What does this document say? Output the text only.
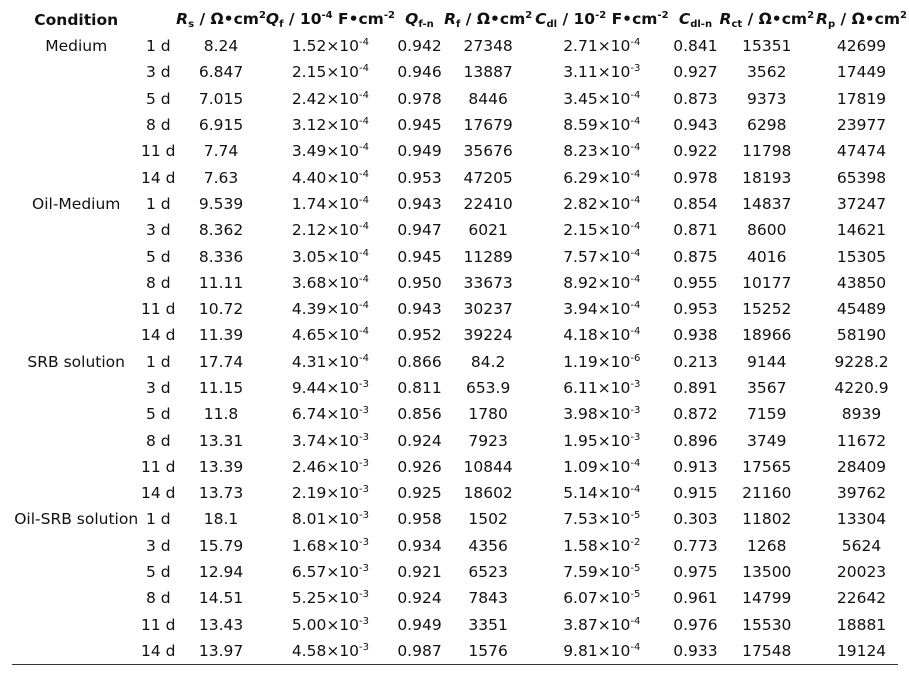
Condition		$R_s$ / $\Omega•cm^2$	$Q_f / 10^{-4}$ $F•cm^{-2}$	$Q_{f-n}$	$R_f$ / $\Omega•cm^2$	$C_{dl} / 10^{-2}$ $F•cm^{-2}$	$C_{dl-n}$	$R_{ct}$ / $\Omega•cm^2$	$R_p$ / $\Omega•cm^2$
Medium	1 d	8.24	$1.52\times 10^{-4}$	0.942	27348	$2.71\times 10^{-4}$	0.841	15351	42699
	3 d	6.847	$2.15\times 10^{-4}$	0.946	13887	$3.11\times 10^{-3}$	0.927	3562	17449
	5 d	7.015	$2.42\times 10^{-4}$	0.978	8446	$3.45\times 10^{-4}$	0.873	9373	17819
	8 d	6.915	$3.12\times 10^{-4}$	0.945	17679	$8.59\times 10^{-4}$	0.943	6298	23977
	11 d	7.74	$3.49\times 10^{-4}$	0.949	35676	$8.23\times 10^{-4}$	0.922	11798	47474
	14 d	7.63	$4.40\times 10^{-4}$	0.953	47205	$6.29\times 10^{-4}$	0.978	18193	65398
Oil-Medium	1 d	9.539	$1.74\times 10^{-4}$	0.943	22410	$2.82\times 10^{-4}$	0.854	14837	37247
	3 d	8.362	$2.12\times 10^{-4}$	0.947	6021	$2.15\times 10^{-4}$	0.871	8600	14621
	5 d	8.336	$3.05\times 10^{-4}$	0.945	11289	$7.57\times 10^{-4}$	0.875	4016	15305
	8 d	11.11	$3.68\times 10^{-4}$	0.950	33673	$8.92\times 10^{-4}$	0.955	10177	43850
	11 d	10.72	$4.39\times 10^{-4}$	0.943	30237	$3.94\times 10^{-4}$	0.953	15252	45489
	14 d	11.39	$4.65\times 10^{-4}$	0.952	39224	$4.18\times 10^{-4}$	0.938	18966	58190
SRB solution	1 d	17.74	$4.31\times 10^{-4}$	0.866	84.2	$1.19\times 10^{-6}$	0.213	9144	9228.2
	3 d	11.15	$9.44\times 10^{-3}$	0.811	653.9	$6.11\times 10^{-3}$	0.891	3567	4220.9
	5 d	11.8	$6.74\times 10^{-3}$	0.856	1780	$3.98\times 10^{-3}$	0.872	7159	8939
	8 d	13.31	$3.74\times 10^{-3}$	0.924	7923	$1.95\times 10^{-3}$	0.896	3749	11672
	11 d	13.39	$2.46\times 10^{-3}$	0.926	10844	$1.09\times 10^{-4}$	0.913	17565	28409
	14 d	13.73	$2.19\times 10^{-3}$	0.925	18602	$5.14\times 10^{-4}$	0.915	21160	39762
Oil-SRB solution	1 d	18.1	$8.01\times 10^{-3}$	0.958	1502	$7.53\times 10^{-5}$	0.303	11802	13304
	3 d	15.79	$1.68\times 10^{-3}$	0.934	4356	$1.58\times 10^{-2}$	0.773	1268	5624
	5 d	12.94	$6.57\times 10^{-3}$	0.921	6523	$7.59\times 10^{-5}$	0.975	13500	20023
	8 d	14.51	$5.25\times 10^{-3}$	0.924	7843	$6.07\times 10^{-5}$	0.961	14799	22642
	11 d	13.43	$5.00\times 10^{-3}$	0.949	3351	$3.87\times 10^{-4}$	0.976	15530	18881
	14 d	13.97	$4.58\times 10^{-3}$	0.987	1576	$9.81\times 10^{-4}$	0.933	17548	19124
